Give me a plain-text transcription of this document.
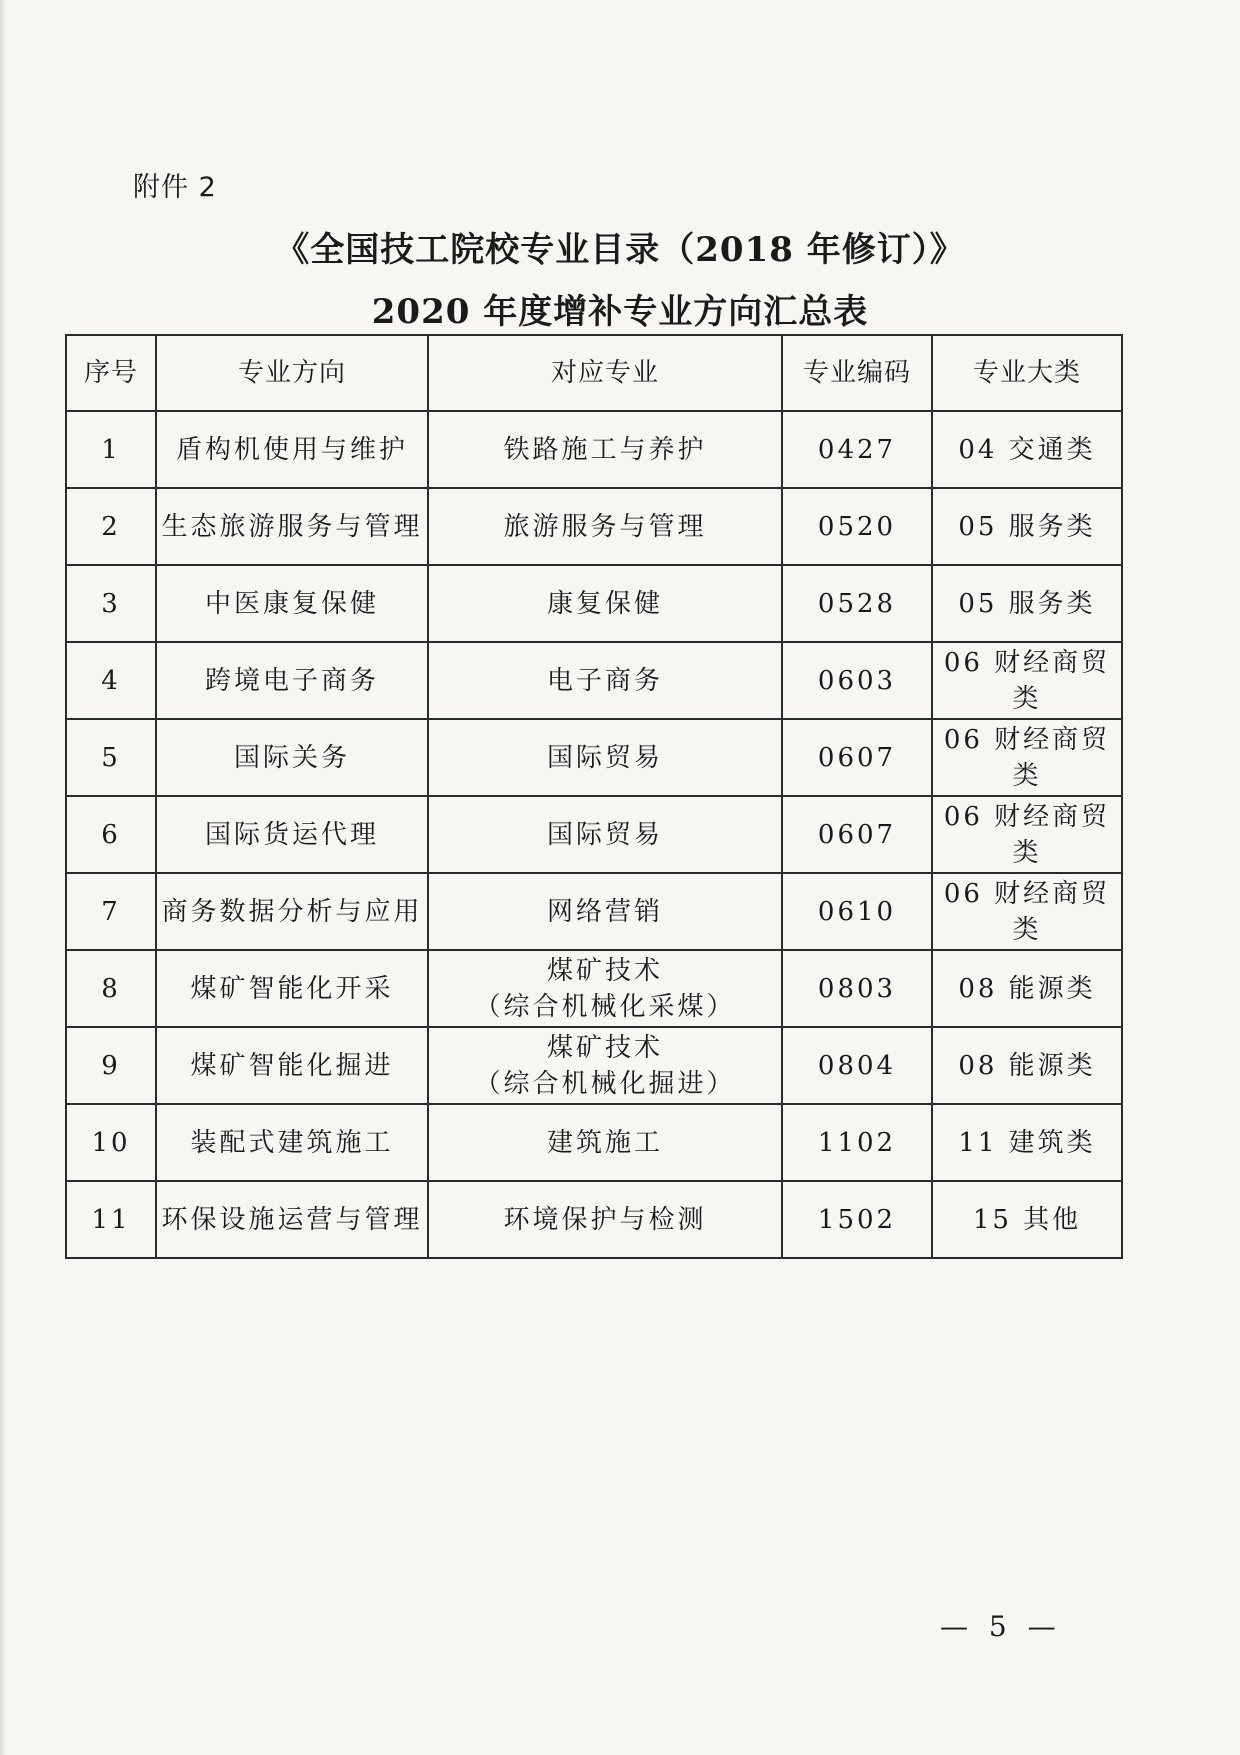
附件 2
《全国技工院校专业目录（2018 年修订）》
2020 年度增补专业方向汇总表
序号	专业方向	对应专业	专业编码	专业大类
1	盾构机使用与维护	铁路施工与养护	0427	04 交通类
2	生态旅游服务与管理	旅游服务与管理	0520	05 服务类
3	中医康复保健	康复保健	0528	05 服务类
4	跨境电子商务	电子商务	0603	06 财经商贸类
5	国际关务	国际贸易	0607	06 财经商贸类
6	国际货运代理	国际贸易	0607	06 财经商贸类
7	商务数据分析与应用	网络营销	0610	06 财经商贸类
8	煤矿智能化开采	煤矿技术
（综合机械化采煤）	0803	08 能源类
9	煤矿智能化掘进	煤矿技术
（综合机械化掘进）	0804	08 能源类
10	装配式建筑施工	建筑施工	1102	11 建筑类
11	环保设施运营与管理	环境保护与检测	1502	15 其他
— 5 —
